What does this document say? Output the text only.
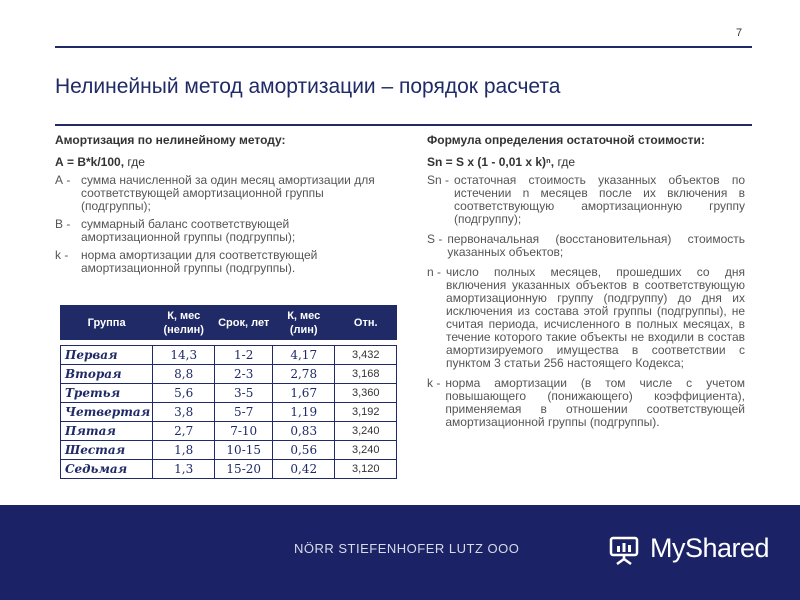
7
Нелинейный метод амортизации – порядок расчета
Амортизация по нелинейному методу:
А = В*k/100, где
А - сумма начисленной за один месяц амортизации для соответствующей амортизационной группы (подгруппы);
В - суммарный баланс соответствующей амортизационной группы (подгруппы);
k -	норма амортизации для соответствующей амортизационной группы (подгруппы).
Группа	К, мес (нелин)	Срок, лет	К, мес (лин)	Отн.

Первая	14,3	1-2	4,17	3,432
Вторая	8,8	2-3	2,78	3,168
Третья	5,6	3-5	1,67	3,360
Четвертая	3,8	5-7	1,19	3,192
Пятая	2,7	7-10	0,83	3,240
Шестая	1,8	10-15	0,56	3,240
Седьмая	1,3	15-20	0,42	3,120
Формула определения остаточной стоимости:
Sn = S x (1 - 0,01 x k)ⁿ, где
Sn - остаточная стоимость указанных объектов по истечении n месяцев после их включения в соответствующую амортизационную группу (подгруппу);
S - первоначальная (восстановительная) стоимость указанных объектов;
n - число полных месяцев, прошедших со дня включения указанных объектов в соответствующую амортизационную группу (подгруппу) до дня их исключения из состава этой группы (подгруппы), не считая периода, исчисленного в полных месяцах, в течение которого такие объекты не входили в состав амортизируемого имущества в соответствии с пунктом 3 статьи 256 настоящего Кодекса;
k - норма амортизации (в том числе с учетом повышающего (понижающего) коэффициента), применяемая в отношении соответствующей амортизационной группы (подгруппы).
NÖRR STIEFENHOFER LUTZ OOO	MyShared
